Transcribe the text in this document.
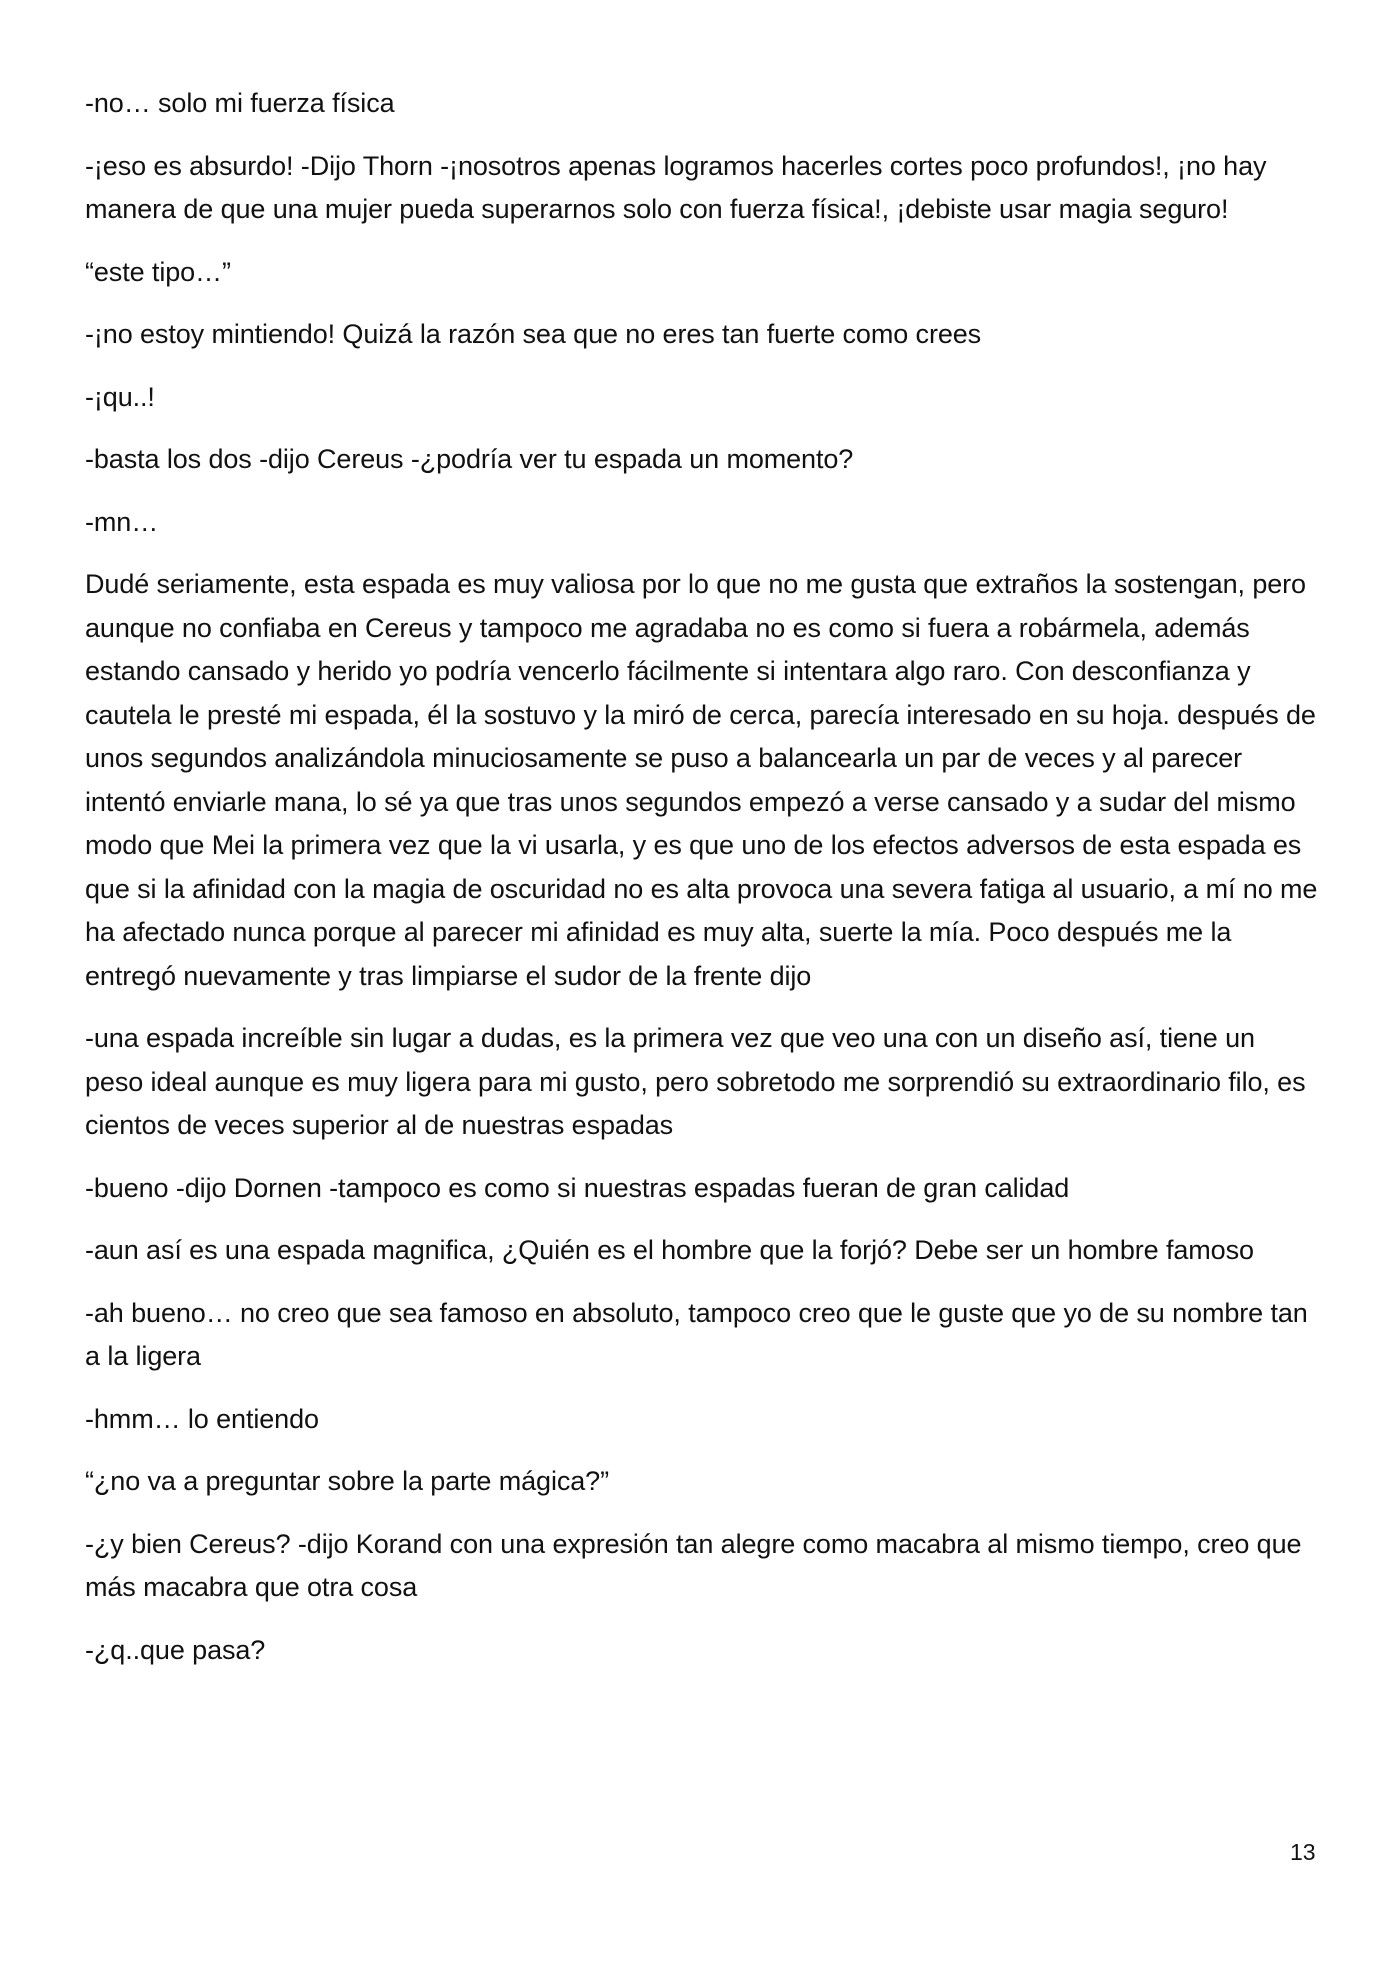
-no… solo mi fuerza física

-¡eso es absurdo! -Dijo Thorn -¡nosotros apenas logramos hacerles cortes poco profundos!, ¡no hay manera de que una mujer pueda superarnos solo con fuerza física!, ¡debiste usar magia seguro!

“este tipo…”

-¡no estoy mintiendo! Quizá la razón sea que no eres tan fuerte como crees

-¡qu..!

-basta los dos -dijo Cereus -¿podría ver tu espada un momento?

-mn…

Dudé seriamente, esta espada es muy valiosa por lo que no me gusta que extraños la sostengan, pero aunque no confiaba en Cereus y tampoco me agradaba no es como si fuera a robármela, además estando cansado y herido yo podría vencerlo fácilmente si intentara algo raro. Con desconfianza y cautela le presté mi espada, él la sostuvo y la miró de cerca, parecía interesado en su hoja. después de unos segundos analizándola minuciosamente se puso a balancearla un par de veces y al parecer intentó enviarle mana, lo sé ya que tras unos segundos empezó a verse cansado y a sudar del mismo modo que Mei la primera vez que la vi usarla, y es que uno de los efectos adversos de esta espada es que si la afinidad con la magia de oscuridad no es alta provoca una severa fatiga al usuario, a mí no me ha afectado nunca porque al parecer mi afinidad es muy alta, suerte la mía. Poco después me la entregó nuevamente y tras limpiarse el sudor de la frente dijo

-una espada increíble sin lugar a dudas, es la primera vez que veo una con un diseño así, tiene un peso ideal aunque es muy ligera para mi gusto, pero sobretodo me sorprendió su extraordinario filo, es cientos de veces superior al de nuestras espadas

-bueno -dijo Dornen -tampoco es como si nuestras espadas fueran de gran calidad

-aun así es una espada magnifica, ¿Quién es el hombre que la forjó? Debe ser un hombre famoso

-ah bueno… no creo que sea famoso en absoluto, tampoco creo que le guste que yo de su nombre tan a la ligera

-hmm… lo entiendo

“¿no va a preguntar sobre la parte mágica?”

-¿y bien Cereus? -dijo Korand con una expresión tan alegre como macabra al mismo tiempo, creo que más macabra que otra cosa

-¿q..que pasa?

13
